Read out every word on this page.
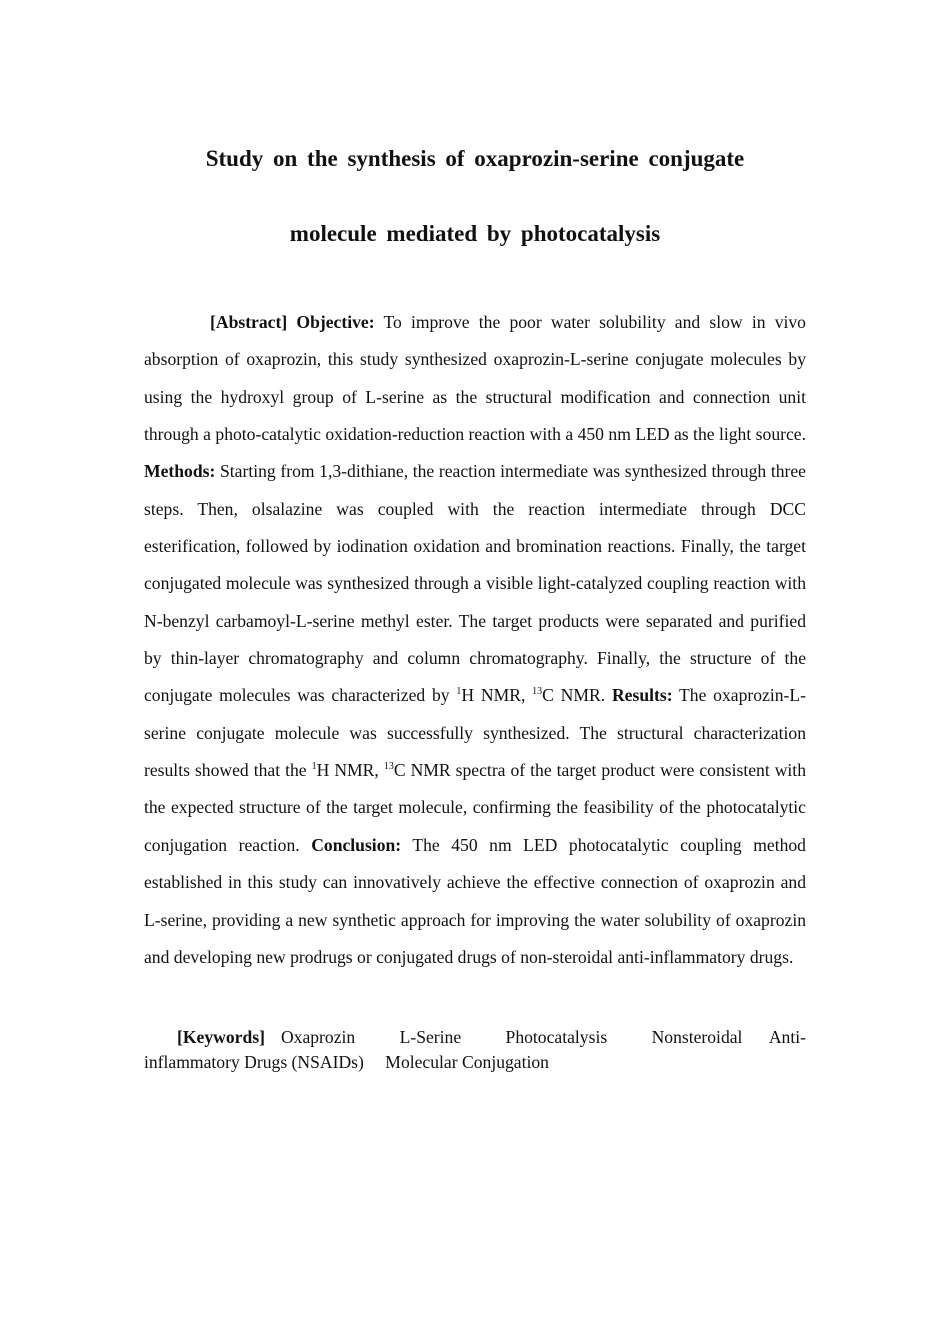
Study on the synthesis of oxaprozin-serine conjugate
molecule mediated by photocatalysis

[Abstract] Objective: To improve the poor water solubility and slow in vivo absorption of oxaprozin, this study synthesized oxaprozin-L-serine conjugate molecules by using the hydroxyl group of L-serine as the structural modification and connection unit through a photo-catalytic oxidation-reduction reaction with a 450 nm LED as the light source. Methods: Starting from 1,3-dithiane, the reaction intermediate was synthesized through three steps. Then, olsalazine was coupled with the reaction intermediate through DCC esterification, followed by iodination oxidation and bromination reactions. Finally, the target conjugated molecule was synthesized through a visible light-catalyzed coupling reaction with N-benzyl carbamoyl-L-serine methyl ester. The target products were separated and purified by thin-layer chromatography and column chromatography. Finally, the structure of the conjugate molecules was characterized by $^1$H NMR, $^{13}$C NMR. Results: The oxaprozin-L-serine conjugate molecule was successfully synthesized. The structural characterization results showed that the $^1$H NMR, $^{13}$C NMR spectra of the target product were consistent with the expected structure of the target molecule, confirming the feasibility of the photocatalytic conjugation reaction. Conclusion: The 450 nm LED photocatalytic coupling method established in this study can innovatively achieve the effective connection of oxaprozin and L-serine, providing a new synthetic approach for improving the water solubility of oxaprozin and developing new prodrugs or conjugated drugs of non-steroidal anti-inflammatory drugs.

[Keywords] Oxaprozin	L-Serine	Photocatalysis	Nonsteroidal Anti-inflammatory Drugs (NSAIDs) Molecular Conjugation
